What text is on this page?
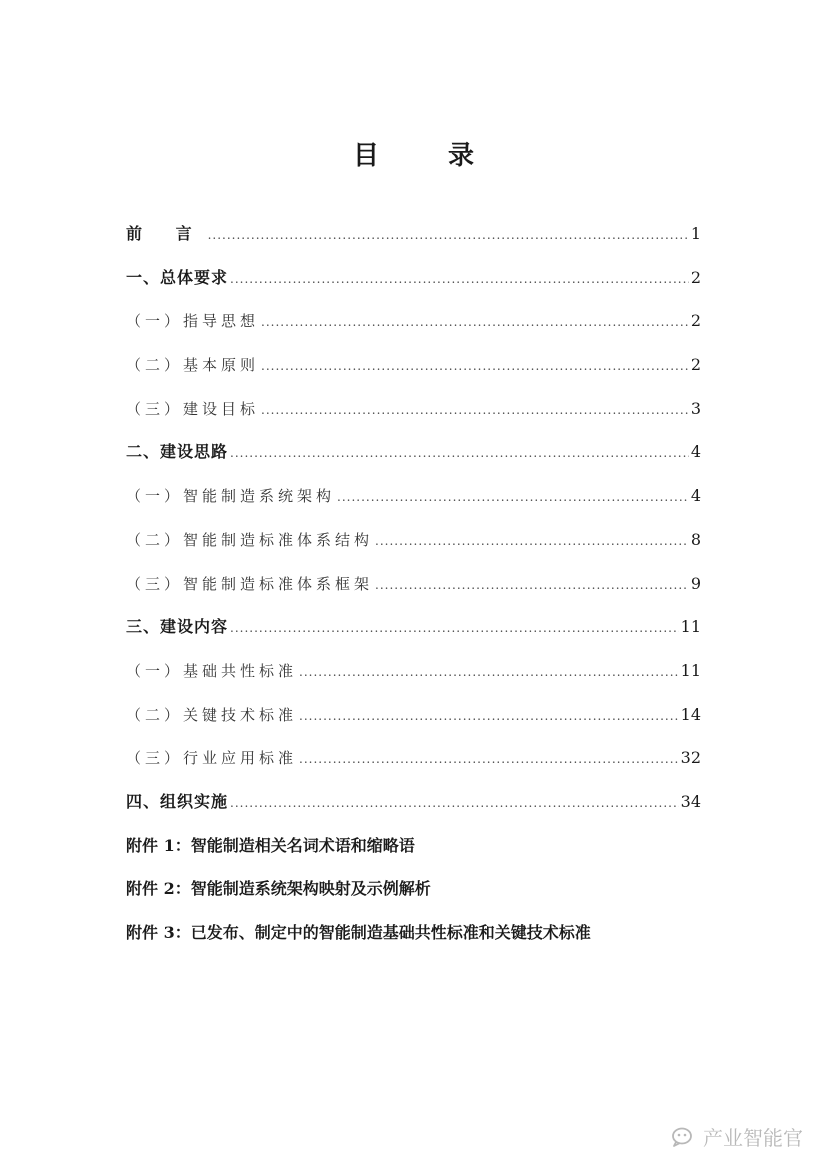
目 录
前 言 .....	1
一、总体要求 .....	2
（一）指导思想 .....	2
（二）基本原则 .....	2
（三）建设目标 .....	3
二、建设思路 .....	4
（一）智能制造系统架构 .....	4
（二）智能制造标准体系结构 .....	8
（三）智能制造标准体系框架 .....	9
三、建设内容 .....	11
（一）基础共性标准 .....	11
（二）关键技术标准 .....	14
（三）行业应用标准 .....	32
四、组织实施 .....	34
附件 1：智能制造相关名词术语和缩略语
附件 2：智能制造系统架构映射及示例解析
附件 3：已发布、制定中的智能制造基础共性标准和关键技术标准
产业智能官
